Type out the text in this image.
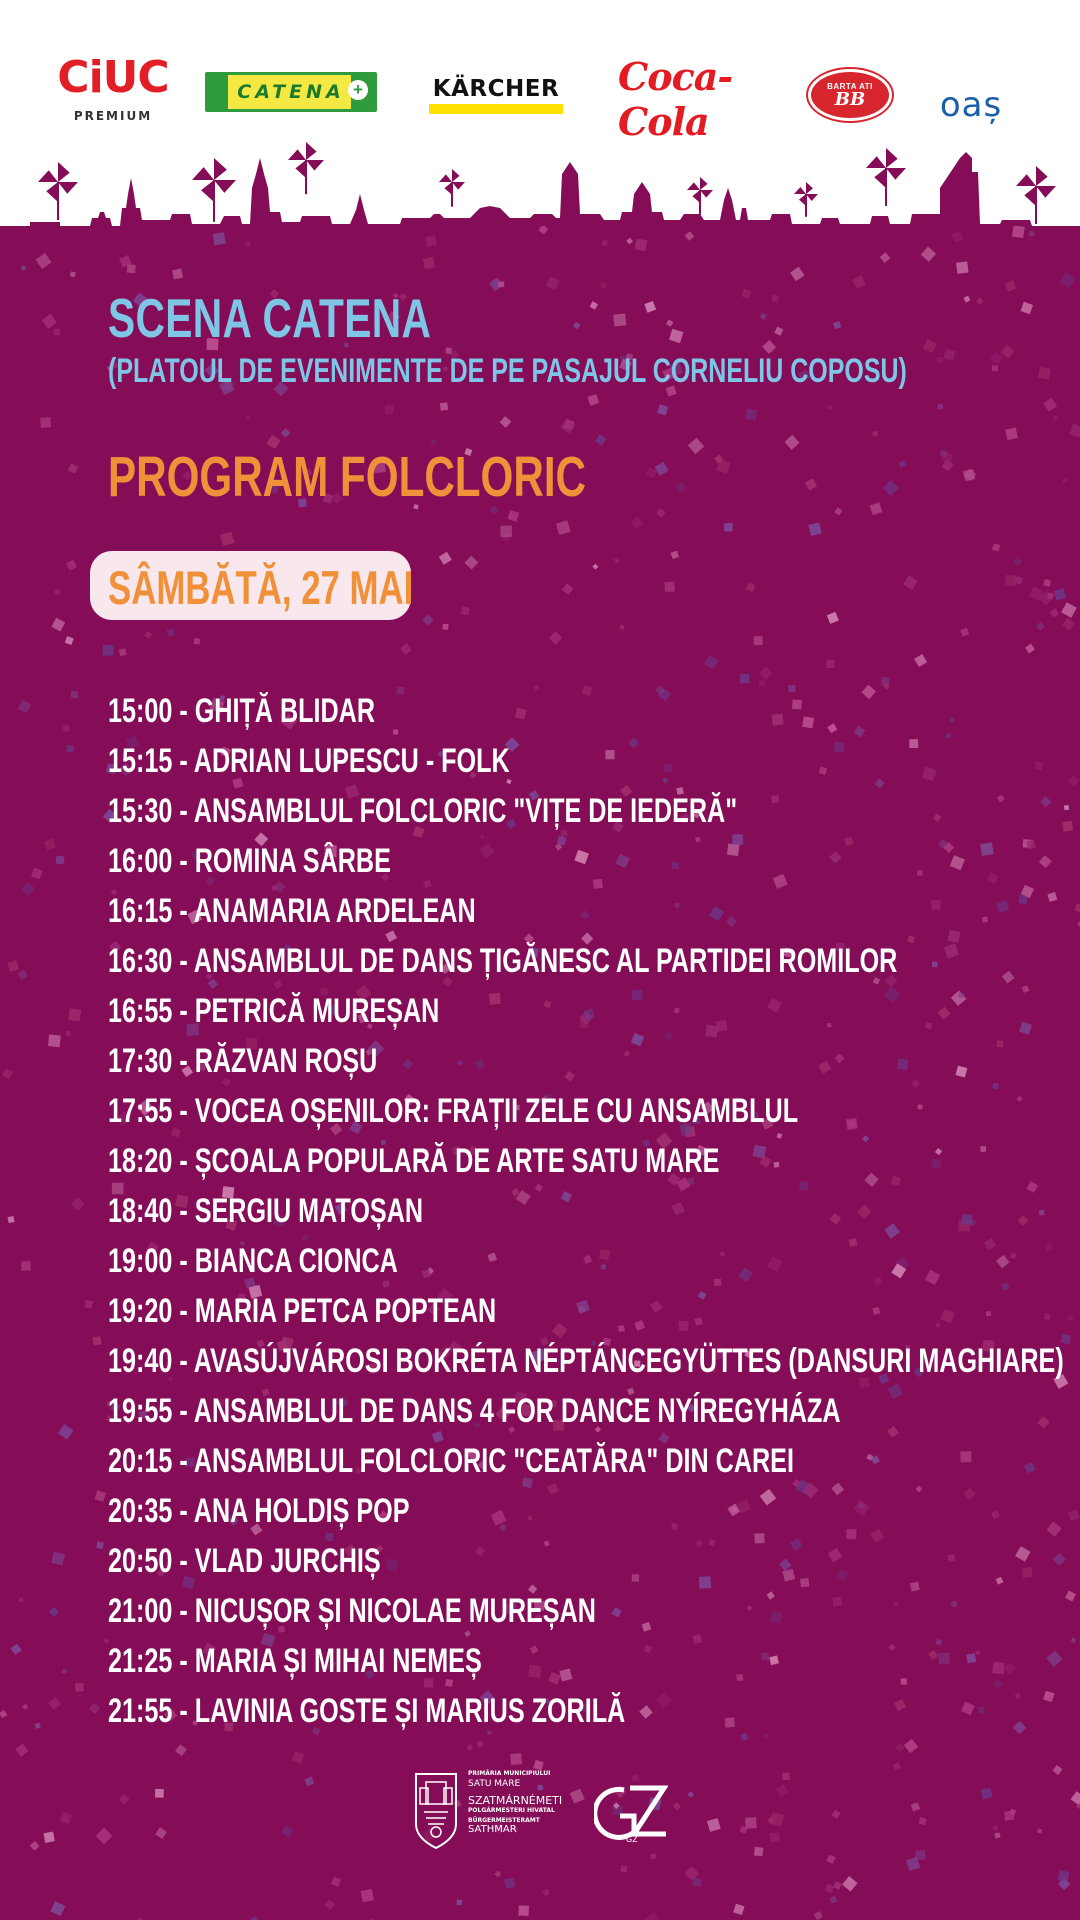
CiUC
PREMIUM
CATENA +	KÄRCHER Coca-Cola
BARTA ATI
BB oaș
SCENA CATENA
(PLATOUL DE EVENIMENTE DE PE PASAJUL CORNELIU COPOSU)
PROGRAM FOLCLORIC
SÂMBĂTĂ, 27 MAI
15:00 - GHIȚĂ BLIDAR
15:15 - ADRIAN LUPESCU - FOLK
15:30 - ANSAMBLUL FOLCLORIC "VIȚE DE IEDERĂ"
16:00 - ROMINA SÂRBE
16:15 - ANAMARIA ARDELEAN
16:30 - ANSAMBLUL DE DANS ȚIGĂNESC AL PARTIDEI ROMILOR
16:55 - PETRICĂ MUREȘAN
17:30 - RĂZVAN ROȘU
17:55 - VOCEA OȘENILOR: FRAȚII ZELE CU ANSAMBLUL
18:20 - ȘCOALA POPULARĂ DE ARTE SATU MARE
18:40 - SERGIU MATOȘAN
19:00 - BIANCA CIONCA
19:20 - MARIA PETCA POPTEAN
19:40 - AVASÚJVÁROSI BOKRÉTA NÉPTÁNCEGYÜTTES (DANSURI MAGHIARE)
19:55 - ANSAMBLUL DE DANS 4 FOR DANCE NYÍREGYHÁZA
20:15 - ANSAMBLUL FOLCLORIC "CEATĂRA" DIN CAREI
20:35 - ANA HOLDIȘ POP
20:50 - VLAD JURCHIȘ
21:00 - NICUȘOR ȘI NICOLAE MUREȘAN
21:25 - MARIA ȘI MIHAI NEMEȘ
21:55 - LAVINIA GOSTE ȘI MARIUS ZORILĂ
PRIMĂRIA MUNICIPIULUI
SATU MARE
SZATMÁRNÉMETI
POLGÁRMESTERI HIVATAL
BÜRGERMEISTERAMT
SATHMAR
GZ
